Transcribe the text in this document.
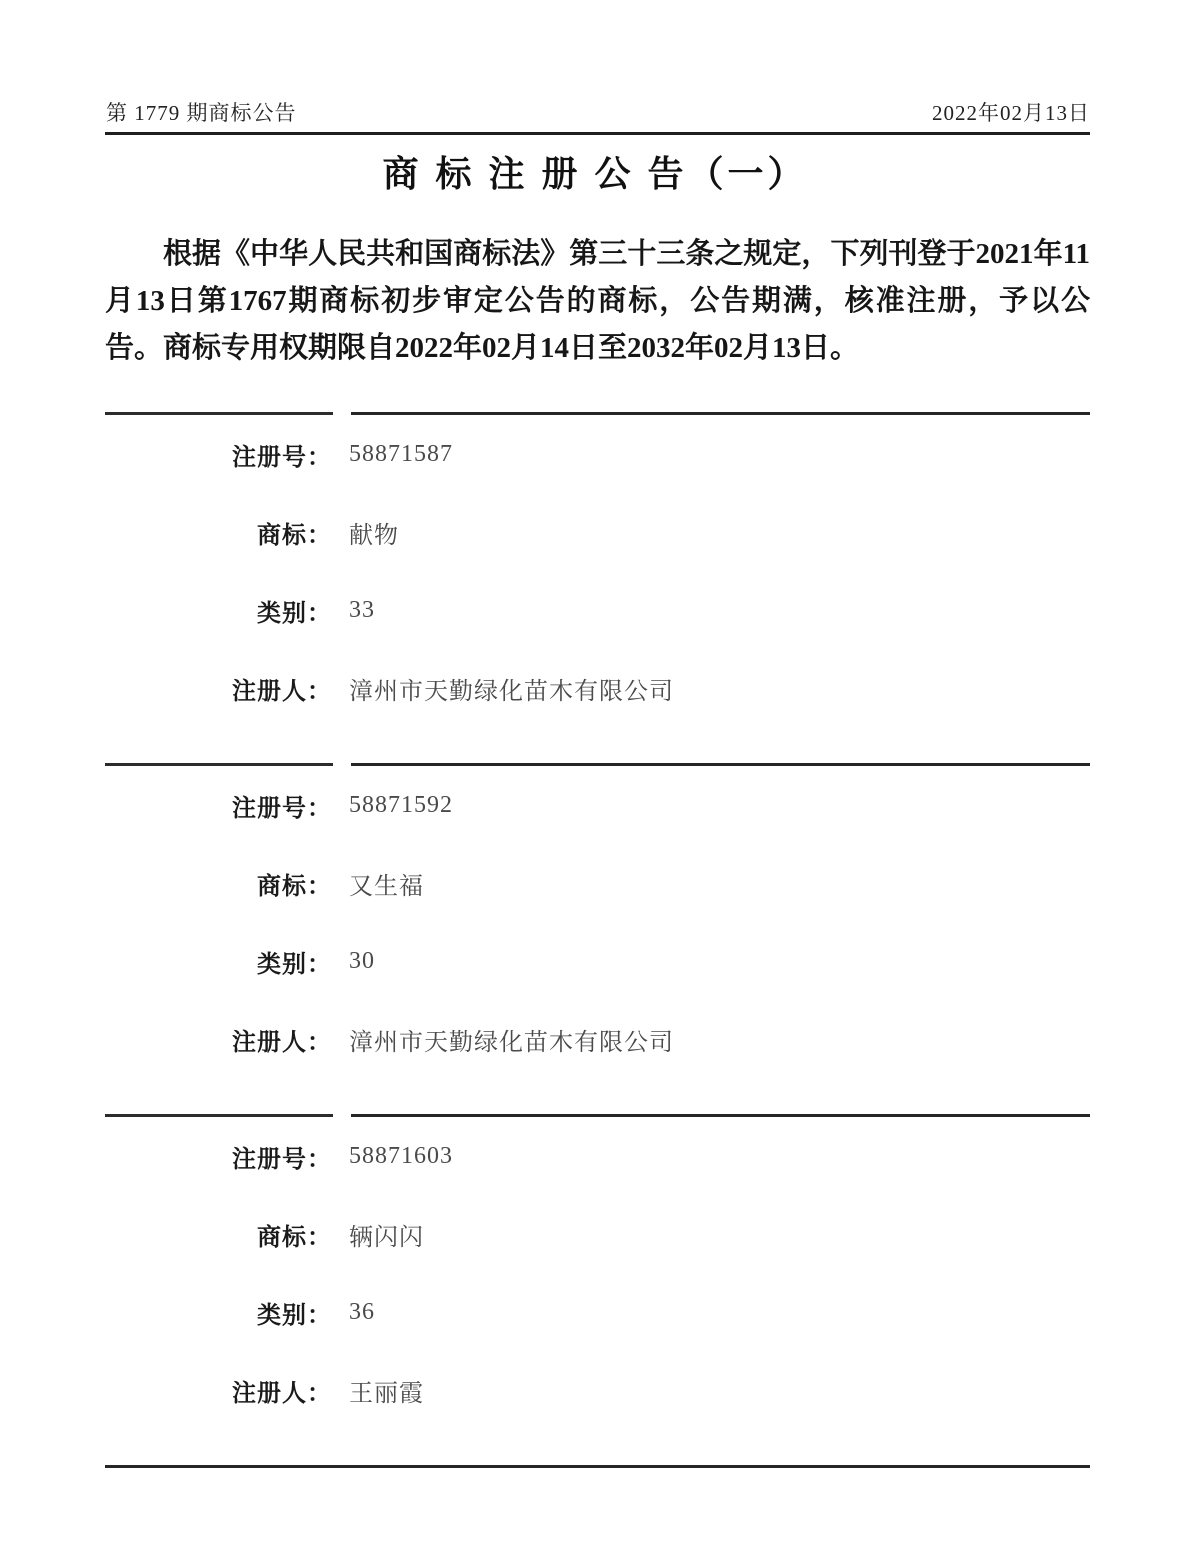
第 1779 期商标公告	2022年02月13日
商 标 注 册 公 告（一）
根据《中华人民共和国商标法》第三十三条之规定，下列刊登于2021年11月13日第1767期商标初步审定公告的商标，公告期满，核准注册，予以公告。商标专用权期限自2022年02月14日至2032年02月13日。
注册号： 58871587
商标： 献物
类别： 33
注册人： 漳州市天勤绿化苗木有限公司
注册号： 58871592
商标： 又生福
类别： 30
注册人： 漳州市天勤绿化苗木有限公司
注册号： 58871603
商标： 辆闪闪
类别： 36
注册人： 王丽霞
